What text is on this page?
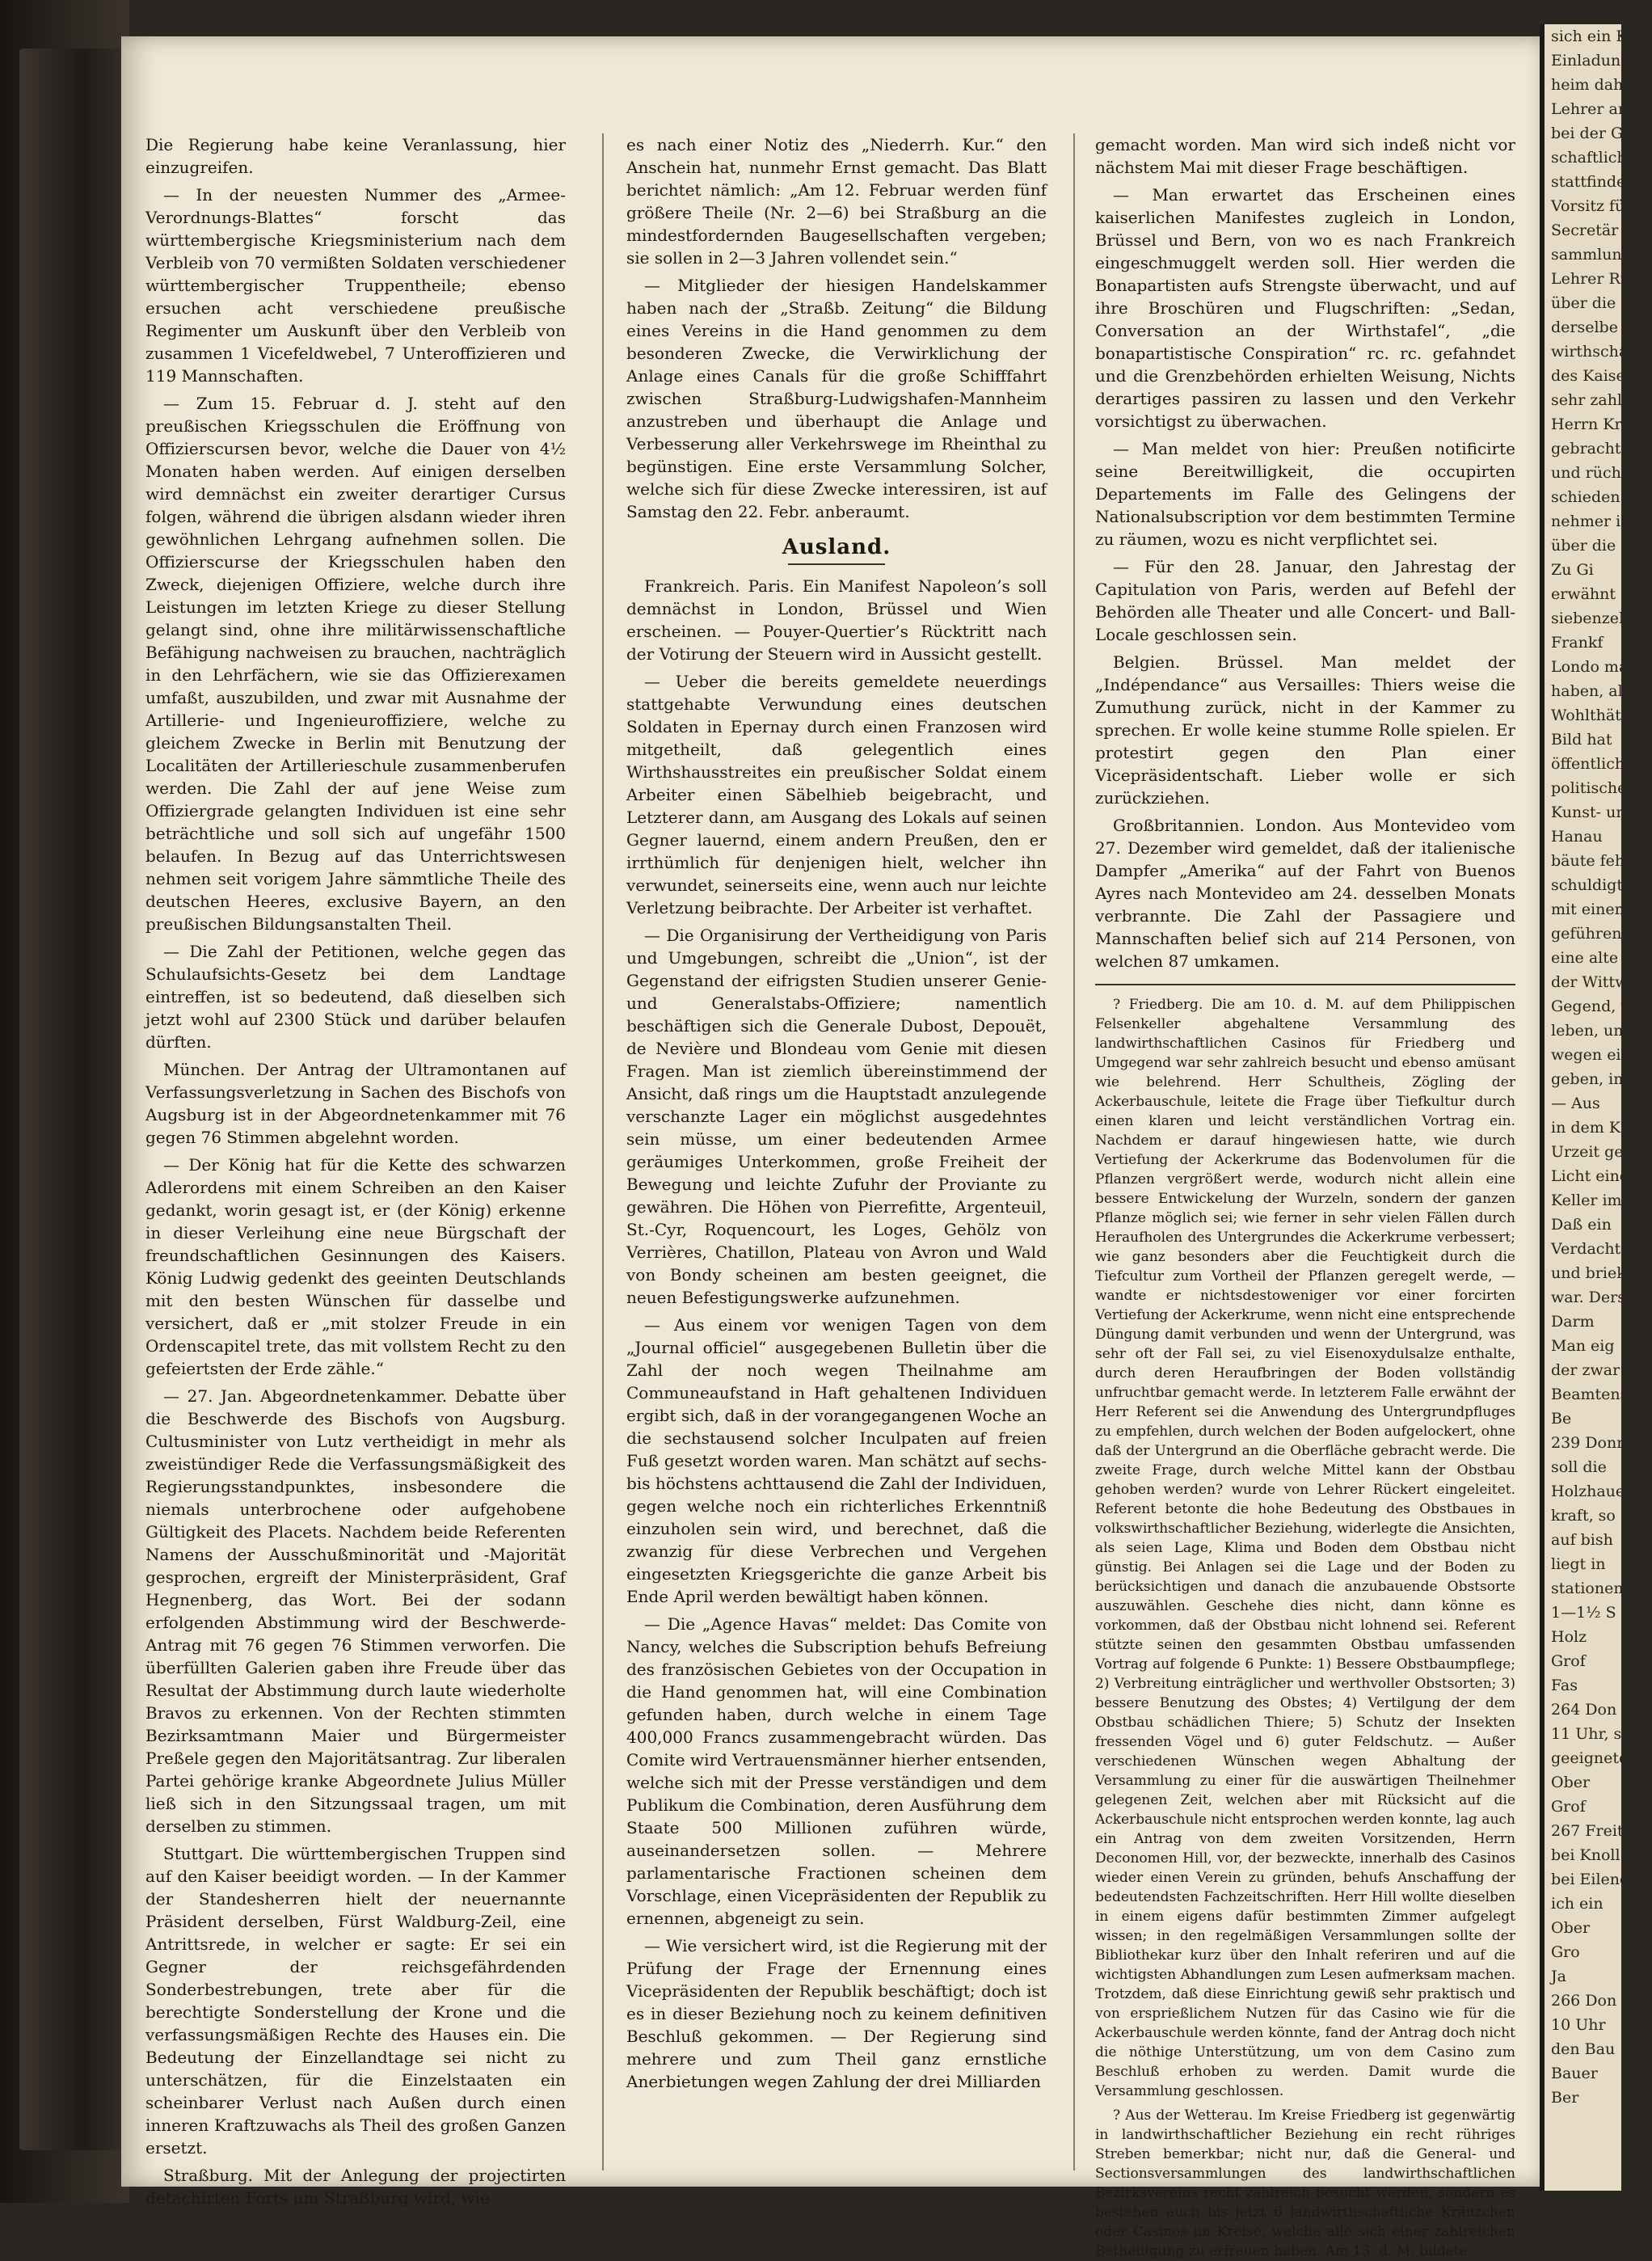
Die Regierung habe keine Veranlassung, hier einzugreifen.

— In der neuesten Nummer des „Armee-Verordnungs-Blattes“ forscht das württembergische Kriegsministerium nach dem Verbleib von 70 vermißten Soldaten verschiedener württembergischer Truppentheile; ebenso ersuchen acht verschiedene preußische Regimenter um Auskunft über den Verbleib von zusammen 1 Vicefeldwebel, 7 Unteroffizieren und 119 Mannschaften.

— Zum 15. Februar d. J. steht auf den preußischen Kriegsschulen die Eröffnung von Offizierscursen bevor, welche die Dauer von 4½ Monaten haben werden. Auf einigen derselben wird demnächst ein zweiter derartiger Cursus folgen, während die übrigen alsdann wieder ihren gewöhnlichen Lehrgang aufnehmen sollen. Die Offizierscurse der Kriegsschulen haben den Zweck, diejenigen Offiziere, welche durch ihre Leistungen im letzten Kriege zu dieser Stellung gelangt sind, ohne ihre militärwissenschaftliche Befähigung nachweisen zu brauchen, nachträglich in den Lehrfächern, wie sie das Offizierexamen umfaßt, auszubilden, und zwar mit Ausnahme der Artillerie- und Ingenieuroffiziere, welche zu gleichem Zwecke in Berlin mit Benutzung der Localitäten der Artillerieschule zusammenberufen werden. Die Zahl der auf jene Weise zum Offiziergrade gelangten Individuen ist eine sehr beträchtliche und soll sich auf ungefähr 1500 belaufen. In Bezug auf das Unterrichtswesen nehmen seit vorigem Jahre sämmtliche Theile des deutschen Heeres, exclusive Bayern, an den preußischen Bildungsanstalten Theil.

— Die Zahl der Petitionen, welche gegen das Schulaufsichts-Gesetz bei dem Landtage eintreffen, ist so bedeutend, daß dieselben sich jetzt wohl auf 2300 Stück und darüber belaufen dürften.

München. Der Antrag der Ultramontanen auf Verfassungsverletzung in Sachen des Bischofs von Augsburg ist in der Abgeordnetenkammer mit 76 gegen 76 Stimmen abgelehnt worden.

— Der König hat für die Kette des schwarzen Adlerordens mit einem Schreiben an den Kaiser gedankt, worin gesagt ist, er (der König) erkenne in dieser Verleihung eine neue Bürgschaft der freundschaftlichen Gesinnungen des Kaisers. König Ludwig gedenkt des geeinten Deutschlands mit den besten Wünschen für dasselbe und versichert, daß er „mit stolzer Freude in ein Ordenscapitel trete, das mit vollstem Recht zu den gefeiertsten der Erde zähle.“

— 27. Jan. Abgeordnetenkammer. Debatte über die Beschwerde des Bischofs von Augsburg. Cultusminister von Lutz vertheidigt in mehr als zweistündiger Rede die Verfassungsmäßigkeit des Regierungsstandpunktes, insbesondere die niemals unterbrochene oder aufgehobene Gültigkeit des Placets. Nachdem beide Referenten Namens der Ausschußminorität und -Majorität gesprochen, ergreift der Ministerpräsident, Graf Hegnenberg, das Wort. Bei der sodann erfolgenden Abstimmung wird der Beschwerde-Antrag mit 76 gegen 76 Stimmen verworfen. Die überfüllten Galerien gaben ihre Freude über das Resultat der Abstimmung durch laute wiederholte Bravos zu erkennen. Von der Rechten stimmten Bezirksamtmann Maier und Bürgermeister Preßele gegen den Majoritätsantrag. Zur liberalen Partei gehörige kranke Abgeordnete Julius Müller ließ sich in den Sitzungssaal tragen, um mit derselben zu stimmen.

Stuttgart. Die württembergischen Truppen sind auf den Kaiser beeidigt worden. — In der Kammer der Standesherren hielt der neuernannte Präsident derselben, Fürst Waldburg-Zeil, eine Antrittsrede, in welcher er sagte: Er sei ein Gegner der reichsgefährdenden Sonderbestrebungen, trete aber für die berechtigte Sonderstellung der Krone und die verfassungsmäßigen Rechte des Hauses ein. Die Bedeutung der Einzellandtage sei nicht zu unterschätzen, für die Einzelstaaten ein scheinbarer Verlust nach Außen durch einen inneren Kraftzuwachs als Theil des großen Ganzen ersetzt.

Straßburg. Mit der Anlegung der projectirten detachirten Forts um Straßburg wird, wie

es nach einer Notiz des „Niederrh. Kur.“ den Anschein hat, nunmehr Ernst gemacht. Das Blatt berichtet nämlich: „Am 12. Februar werden fünf größere Theile (Nr. 2—6) bei Straßburg an die mindestfordernden Baugesellschaften vergeben; sie sollen in 2—3 Jahren vollendet sein.“

— Mitglieder der hiesigen Handelskammer haben nach der „Straßb. Zeitung“ die Bildung eines Vereins in die Hand genommen zu dem besonderen Zwecke, die Verwirklichung der Anlage eines Canals für die große Schifffahrt zwischen Straßburg-Ludwigshafen-Mannheim anzustreben und überhaupt die Anlage und Verbesserung aller Verkehrswege im Rheinthal zu begünstigen. Eine erste Versammlung Solcher, welche sich für diese Zwecke interessiren, ist auf Samstag den 22. Febr. anberaumt.

Ausland.

Frankreich. Paris. Ein Manifest Napoleon’s soll demnächst in London, Brüssel und Wien erscheinen. — Pouyer-Quertier’s Rücktritt nach der Votirung der Steuern wird in Aussicht gestellt.

— Ueber die bereits gemeldete neuerdings stattgehabte Verwundung eines deutschen Soldaten in Epernay durch einen Franzosen wird mitgetheilt, daß gelegentlich eines Wirthshausstreites ein preußischer Soldat einem Arbeiter einen Säbelhieb beigebracht, und Letzterer dann, am Ausgang des Lokals auf seinen Gegner lauernd, einem andern Preußen, den er irrthümlich für denjenigen hielt, welcher ihn verwundet, seinerseits eine, wenn auch nur leichte Verletzung beibrachte. Der Arbeiter ist verhaftet.

— Die Organisirung der Vertheidigung von Paris und Umgebungen, schreibt die „Union“, ist der Gegenstand der eifrigsten Studien unserer Genie- und Generalstabs-Offiziere; namentlich beschäftigen sich die Generale Dubost, Depouët, de Nevière und Blondeau vom Genie mit diesen Fragen. Man ist ziemlich übereinstimmend der Ansicht, daß rings um die Hauptstadt anzulegende verschanzte Lager ein möglichst ausgedehntes sein müsse, um einer bedeutenden Armee geräumiges Unterkommen, große Freiheit der Bewegung und leichte Zufuhr der Proviante zu gewähren. Die Höhen von Pierrefitte, Argenteuil, St.-Cyr, Roquencourt, les Loges, Gehölz von Verrières, Chatillon, Plateau von Avron und Wald von Bondy scheinen am besten geeignet, die neuen Befestigungswerke aufzunehmen.

— Aus einem vor wenigen Tagen von dem „Journal officiel“ ausgegebenen Bulletin über die Zahl der noch wegen Theilnahme am Communeaufstand in Haft gehaltenen Individuen ergibt sich, daß in der vorangegangenen Woche an die sechstausend solcher Inculpaten auf freien Fuß gesetzt worden waren. Man schätzt auf sechs- bis höchstens achttausend die Zahl der Individuen, gegen welche noch ein richterliches Erkenntniß einzuholen sein wird, und berechnet, daß die zwanzig für diese Verbrechen und Vergehen eingesetzten Kriegsgerichte die ganze Arbeit bis Ende April werden bewältigt haben können.

— Die „Agence Havas“ meldet: Das Comite von Nancy, welches die Subscription behufs Befreiung des französischen Gebietes von der Occupation in die Hand genommen hat, will eine Combination gefunden haben, durch welche in einem Tage 400,000 Francs zusammengebracht würden. Das Comite wird Vertrauensmänner hierher entsenden, welche sich mit der Presse verständigen und dem Publikum die Combination, deren Ausführung dem Staate 500 Millionen zuführen würde, auseinandersetzen sollen. — Mehrere parlamentarische Fractionen scheinen dem Vorschlage, einen Vicepräsidenten der Republik zu ernennen, abgeneigt zu sein.

— Wie versichert wird, ist die Regierung mit der Prüfung der Frage der Ernennung eines Vicepräsidenten der Republik beschäftigt; doch ist es in dieser Beziehung noch zu keinem definitiven Beschluß gekommen. — Der Regierung sind mehrere und zum Theil ganz ernstliche Anerbietungen wegen Zahlung der drei Milliarden

gemacht worden. Man wird sich indeß nicht vor nächstem Mai mit dieser Frage beschäftigen.

— Man erwartet das Erscheinen eines kaiserlichen Manifestes zugleich in London, Brüssel und Bern, von wo es nach Frankreich eingeschmuggelt werden soll. Hier werden die Bonapartisten aufs Strengste überwacht, und auf ihre Broschüren und Flugschriften: „Sedan, Conversation an der Wirthstafel“, „die bonapartistische Conspiration“ rc. rc. gefahndet und die Grenzbehörden erhielten Weisung, Nichts derartiges passiren zu lassen und den Verkehr vorsichtigst zu überwachen.

— Man meldet von hier: Preußen notificirte seine Bereitwilligkeit, die occupirten Departements im Falle des Gelingens der Nationalsubscription vor dem bestimmten Termine zu räumen, wozu es nicht verpflichtet sei.

— Für den 28. Januar, den Jahrestag der Capitulation von Paris, werden auf Befehl der Behörden alle Theater und alle Concert- und Ball-Locale geschlossen sein.

Belgien. Brüssel. Man meldet der „Indépendance“ aus Versailles: Thiers weise die Zumuthung zurück, nicht in der Kammer zu sprechen. Er wolle keine stumme Rolle spielen. Er protestirt gegen den Plan einer Vicepräsidentschaft. Lieber wolle er sich zurückziehen.

Großbritannien. London. Aus Montevideo vom 27. Dezember wird gemeldet, daß der italienische Dampfer „Amerika“ auf der Fahrt von Buenos Ayres nach Montevideo am 24. desselben Monats verbrannte. Die Zahl der Passagiere und Mannschaften belief sich auf 214 Personen, von welchen 87 umkamen.

? Friedberg. Die am 10. d. M. auf dem Philippischen Felsenkeller abgehaltene Versammlung des landwirthschaftlichen Casinos für Friedberg und Umgegend war sehr zahlreich besucht und ebenso amüsant wie belehrend. Herr Schultheis, Zögling der Ackerbauschule, leitete die Frage über Tiefkultur durch einen klaren und leicht verständlichen Vortrag ein. Nachdem er darauf hingewiesen hatte, wie durch Vertiefung der Ackerkrume das Bodenvolumen für die Pflanzen vergrößert werde, wodurch nicht allein eine bessere Entwickelung der Wurzeln, sondern der ganzen Pflanze möglich sei; wie ferner in sehr vielen Fällen durch Heraufholen des Untergrundes die Ackerkrume verbessert; wie ganz besonders aber die Feuchtigkeit durch die Tiefcultur zum Vortheil der Pflanzen geregelt werde, — wandte er nichtsdestoweniger vor einer forcirten Vertiefung der Ackerkrume, wenn nicht eine entsprechende Düngung damit verbunden und wenn der Untergrund, was sehr oft der Fall sei, zu viel Eisenoxydulsalze enthalte, durch deren Heraufbringen der Boden vollständig unfruchtbar gemacht werde. In letzterem Falle erwähnt der Herr Referent sei die Anwendung des Untergrundpfluges zu empfehlen, durch welchen der Boden aufgelockert, ohne daß der Untergrund an die Oberfläche gebracht werde. Die zweite Frage, durch welche Mittel kann der Obstbau gehoben werden? wurde von Lehrer Rückert eingeleitet. Referent betonte die hohe Bedeutung des Obstbaues in volkswirthschaftlicher Beziehung, widerlegte die Ansichten, als seien Lage, Klima und Boden dem Obstbau nicht günstig. Bei Anlagen sei die Lage und der Boden zu berücksichtigen und danach die anzubauende Obstsorte auszuwählen. Geschehe dies nicht, dann könne es vorkommen, daß der Obstbau nicht lohnend sei. Referent stützte seinen den gesammten Obstbau umfassenden Vortrag auf folgende 6 Punkte: 1) Bessere Obstbaumpflege; 2) Verbreitung einträglicher und werthvoller Obstsorten; 3) bessere Benutzung des Obstes; 4) Vertilgung der dem Obstbau schädlichen Thiere; 5) Schutz der Insekten fressenden Vögel und 6) guter Feldschutz. — Außer verschiedenen Wünschen wegen Abhaltung der Versammlung zu einer für die auswärtigen Theilnehmer gelegenen Zeit, welchen aber mit Rücksicht auf die Ackerbauschule nicht entsprochen werden konnte, lag auch ein Antrag von dem zweiten Vorsitzenden, Herrn Deconomen Hill, vor, der bezweckte, innerhalb des Casinos wieder einen Verein zu gründen, behufs Anschaffung der bedeutendsten Fachzeitschriften. Herr Hill wollte dieselben in einem eigens dafür bestimmten Zimmer aufgelegt wissen; in den regelmäßigen Versammlungen sollte der Bibliothekar kurz über den Inhalt referiren und auf die wichtigsten Abhandlungen zum Lesen aufmerksam machen. Trotzdem, daß diese Einrichtung gewiß sehr praktisch und von ersprießlichem Nutzen für das Casino wie für die Ackerbauschule werden könnte, fand der Antrag doch nicht die nöthige Unterstützung, um von dem Casino zum Beschluß erhoben zu werden. Damit wurde die Versammlung geschlossen.

? Aus der Wetterau. Im Kreise Friedberg ist gegenwärtig in landwirthschaftlicher Beziehung ein recht rühriges Streben bemerkbar; nicht nur, daß die General- und Sectionsversammlungen des landwirthschaftlichen Bezirksvereins recht zahlreich besucht werden, sondern es bestehen auch bis jetzt 6 landwirthschaftliche Kränzchen oder Casinos im Kreise, welche alle sich einer zahlreichen Betheiligung zu erfreuen haben. Am 13. d. M. bildete

sich ein Krä
Einladung
heim dahin
Lehrer an de
bei der Gr
schaftlichen
stattfinden
Vorsitz führ
Secretär ein
sammlung
Lehrer Rück
über die L
derselbe ve
wirthschaftl
des Kaiser
sehr zahlrei
Herrn Kr
gebracht.
und rücht
schieden di
nehmer ih
über die
Zu Gi
erwähnt
siebenzeh
Frankf
Londo mag
haben, als
Wohlthätigk
Bild hat
öffentlicher
politische
Kunst- und
Hanau
bäute fehlt
schuldigt
mit einem
geführen in
eine alte
der Wittwe
Gegend, w
leben, und
wegen eine
geben, in
— Aus
in dem K
Urzeit gel
Licht eine
Keller im
Daß ein
Verdacht
und brieks
war. Derse
Darm
Man eig
der zwar
Beamtensy
Be
239 Donn
soll die
Holzhaue
kraft, so
auf bish
liegt in
stationen
1—1½ S
Holz
Grof
Fas
264 Don
11 Uhr, so
geeignete
Ober
Grof
267 Freita
bei Knoll
bei Eilende
ich ein
Ober
Gro
Ja
266 Don
10 Uhr
den Bau
Bauer
Ber
